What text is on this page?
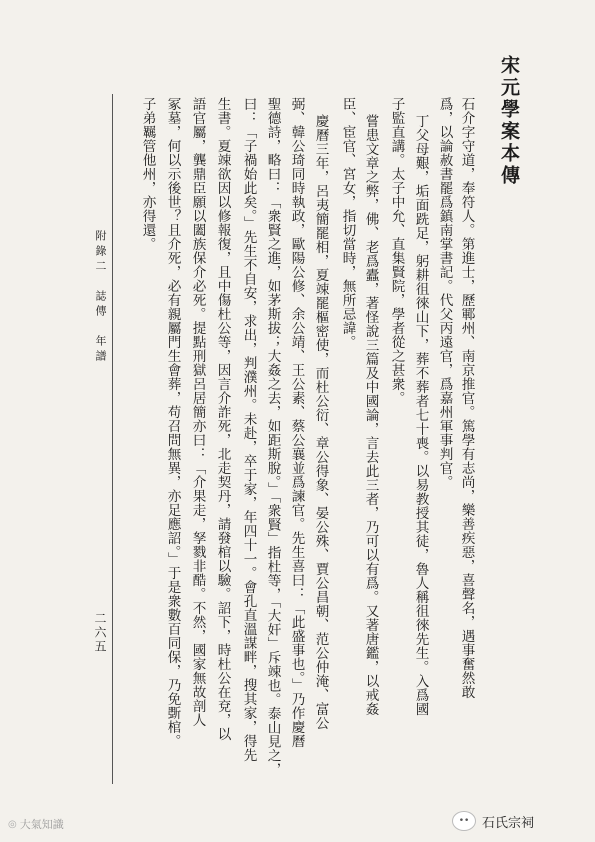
宋元學案本傳
石介字守道，奉符人。第進士，歷鄆州、南京推官。篤學有志尚，樂善疾惡，喜聲名，遇事奮然敢
爲，以論赦書罷爲鎮南掌書記。代父丙遠官，爲嘉州軍事判官。
丁父母艱，垢面跣足，躬耕徂徠山下，葬不葬者七十喪。以易教授其徒，魯人稱徂徠先生。入爲國
子監直講。太子中允、直集賢院，學者從之甚衆。
嘗患文章之弊，佛、老爲蠹，著怪說三篇及中國論，言去此三者，乃可以有爲。又著唐鑑，以戒姦
臣、宦官、宮女，指切當時，無所忌諱。
慶曆三年，呂夷簡罷相，夏竦罷樞密使，而杜公衍、章公得象、晏公殊、賈公昌朝、范公仲淹、富公
弼、韓公琦同時執政，歐陽公修、余公靖、王公素、蔡公襄並爲諫官。先生喜曰：「此盛事也。」乃作慶曆
聖德詩，略曰：「衆賢之進，如茅斯拔；大姦之去，如距斯脫。」「衆賢」指杜等，「大奸」斥竦也。泰山見之，
曰：「子禍始此矣。」先生不自安，求出，判濮州。未赴，卒于家，年四十一。會孔直溫謀畔，搜其家，得先
生書。夏竦欲因以修報復，且中傷杜公等，因言介詐死，北走契丹，請發棺以驗。詔下，時杜公在兗，以
語官屬，龔鼎臣願以闔族保介必死。提點刑獄呂居簡亦曰：「介果走，孥戮非酷。不然，國家無故剖人
冢墓，何以示後世？且介死，必有親屬門生會葬，苟召問無異，亦足應詔。」于是衆數百同保，乃免斲棺。
子弟羈管他州，亦得還。
附錄二　誌傳　年譜
二六五
◎ 大氣知識	•• 石氏宗祠
